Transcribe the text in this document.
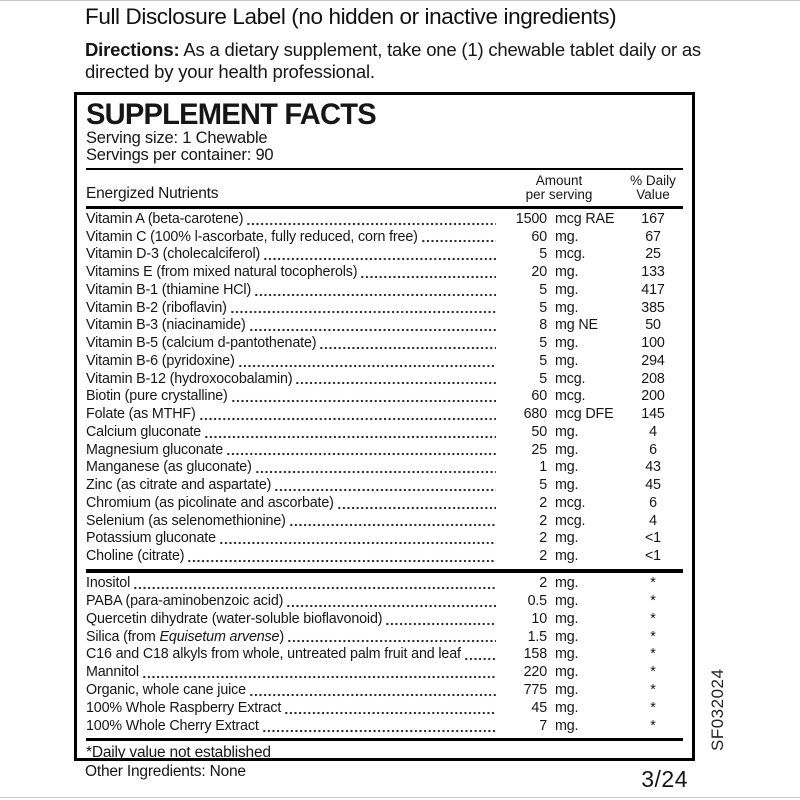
Full Disclosure Label (no hidden or inactive ingredients)

Directions: As a dietary supplement, take one (1) chewable tablet daily or as directed by your health professional.

SUPPLEMENT FACTS
Serving size: 1 Chewable
Servings per container: 90
Energized Nutrients
Amount
per serving
% Daily
Value
Vitamin A (beta-carotene)	1500 mcg RAE	167
Vitamin C (100% l-ascorbate, fully reduced, corn free)	60 mg.	67
Vitamin D-3 (cholecalciferol)	5 mcg.	25
Vitamins E (from mixed natural tocopherols)	20 mg.	133
Vitamin B-1 (thiamine HCl)	5 mg.	417
Vitamin B-2 (riboflavin)	5 mg.	385
Vitamin B-3 (niacinamide)	8 mg NE	50
Vitamin B-5 (calcium d-pantothenate)	5 mg.	100
Vitamin B-6 (pyridoxine)	5 mg.	294
Vitamin B-12 (hydroxocobalamin)	5 mcg.	208
Biotin (pure crystalline)	60 mcg.	200
Folate (as MTHF)	680 mcg DFE	145
Calcium gluconate	50 mg.	4
Magnesium gluconate	25 mg.	6
Manganese (as gluconate)	1 mg.	43
Zinc (as citrate and aspartate)	5 mg.	45
Chromium (as picolinate and ascorbate)	2 mcg.	6
Selenium (as selenomethionine)	2 mcg.	4
Potassium gluconate	2 mg.	<1
Choline (citrate)	2 mg.	<1
Inositol	2 mg.	*
PABA (para-aminobenzoic acid)	0.5 mg.	*
Quercetin dihydrate (water-soluble bioflavonoid)	10 mg.	*
Silica (from Equisetum arvense)	1.5 mg.	*
C16 and C18 alkyls from whole, untreated palm fruit and leaf	158 mg.	*
Mannitol	220 mg.	*
Organic, whole cane juice	775 mg.	*
100% Whole Raspberry Extract	45 mg.	*
100% Whole Cherry Extract	7 mg.	*
*Daily value not established
SF032024
Other Ingredients: None	3/24
